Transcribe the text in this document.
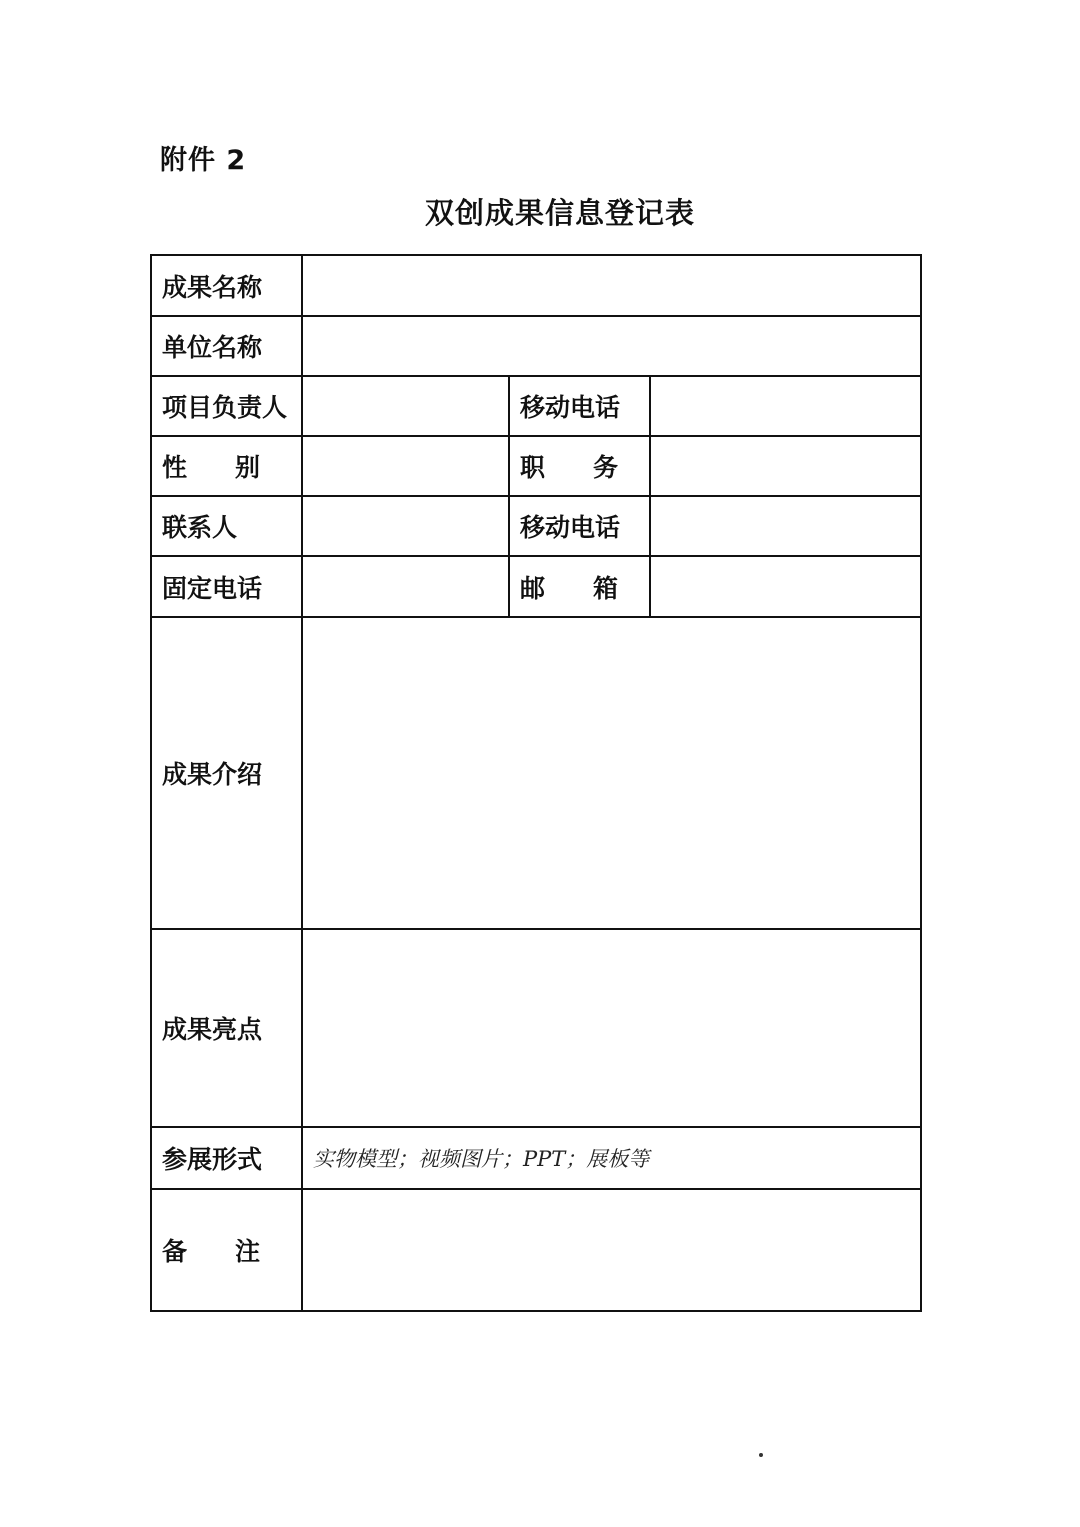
附件 2
双创成果信息登记表
成果名称			
单位名称			
项目负责人		移动电话	

性 别		职 务	

联系人		移动电话	
固定电话		邮 箱	

成果介绍			
成果亮点			
参展形式	实物模型；视频图片；PPT；展板等		

备 注			
